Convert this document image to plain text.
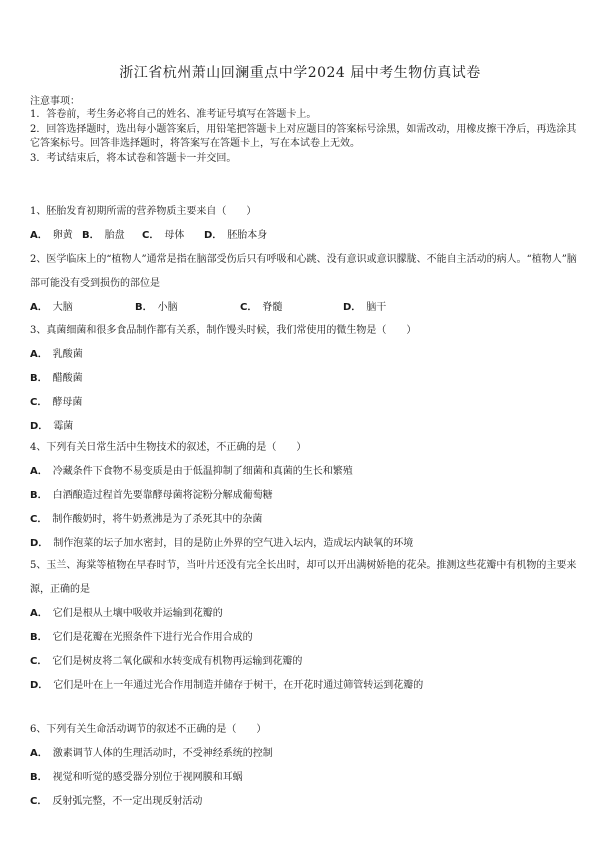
浙江省杭州萧山回澜重点中学2024 届中考生物仿真试卷
注意事项：

1．答卷前，考生务必将自己的姓名、准考证号填写在答题卡上。

2．回答选择题时，选出每小题答案后，用铅笔把答题卡上对应题目的答案标号涂黑，如需改动，用橡皮擦干净后，再选涂其它答案标号。回答非选择题时，将答案写在答题卡上，写在本试卷上无效。

3．考试结束后，将本试卷和答题卡一并交回。

1、胚胎发育初期所需的营养物质主要来自（　　）

A． 卵黄 B． 胎盘	C． 母体	D． 胚胎本身

2、医学临床上的“植物人”通常是指在脑部受伤后只有呼吸和心跳、没有意识或意识朦胧、不能自主活动的病人。“植物人”脑部可能没有受到损伤的部位是

A． 大脑	B． 小脑	C． 脊髓	D． 脑干

3、真菌细菌和很多食品制作都有关系，制作馒头时候，我们常使用的微生物是（　　）

A． 乳酸菌

B． 醋酸菌

C． 酵母菌

D． 霉菌

4、下列有关日常生活中生物技术的叙述，不正确的是（　　）

A． 冷藏条件下食物不易变质是由于低温抑制了细菌和真菌的生长和繁殖

B． 白酒酿造过程首先要靠酵母菌将淀粉分解成葡萄糖

C． 制作酸奶时，将牛奶煮沸是为了杀死其中的杂菌

D． 制作泡菜的坛子加水密封，目的是防止外界的空气进入坛内，造成坛内缺氧的环境

5、玉兰、海棠等植物在早春时节，当叶片还没有完全长出时，却可以开出满树娇艳的花朵。推测这些花瓣中有机物的主要来源，正确的是

A． 它们是根从土壤中吸收并运输到花瓣的

B． 它们是花瓣在光照条件下进行光合作用合成的

C． 它们是树皮将二氧化碳和水转变成有机物再运输到花瓣的

D． 它们是叶在上一年通过光合作用制造并储存于树干，在开花时通过筛管转运到花瓣的

6、下列有关生命活动调节的叙述不正确的是（　　）

A． 激素调节人体的生理活动时，不受神经系统的控制

B． 视觉和听觉的感受器分别位于视网膜和耳蜗

C． 反射弧完整，不一定出现反射活动
